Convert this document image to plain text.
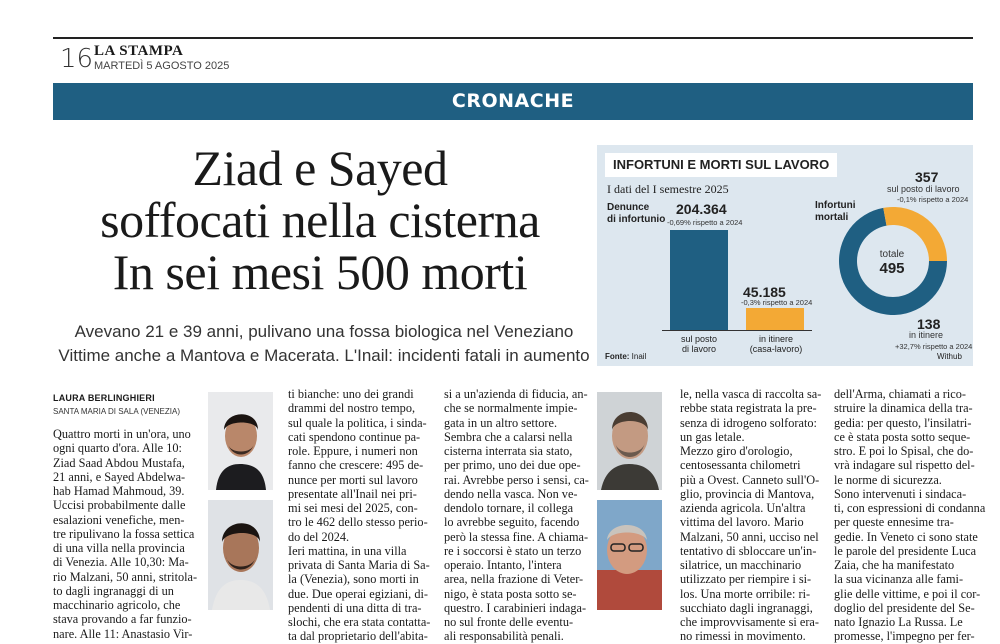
16 LA STAMPA
MARTEDÌ 5 AGOSTO 2025
CRONACHE
Ziad e Sayed
soffocati nella cisterna
In sei mesi 500 morti
Avevano 21 e 39 anni, pulivano una fossa biologica nel Veneziano
Vittime anche a Mantova e Macerata. L'Inail: incidenti fatali in aumento
INFORTUNI E MORTI SUL LAVORO
I dati del I semestre 2025
Denunce
di infortunio
204.364
-0,69% rispetto a 2024
45.185
-0,3% rispetto a 2024
sul posto
di lavoro
in itinere
(casa-lavoro)
Infortuni
mortali
357
sul posto di lavoro
-0,1% rispetto a 2024
totale
495
138
in itinere
+32,7% rispetto a 2024
Fonte: Inail	Withub
LAURA BERLINGHIERI
SANTA MARIA DI SALA (VENEZIA)
Quattro morti in un'ora, uno
ogni quarto d'ora. Alle 10:
Ziad Saad Abdou Mustafa,
21 anni, e Sayed Abdelwa-
hab Hamad Mahmoud, 39.
Uccisi probabilmente dalle
esalazioni venefiche, men-
tre ripulivano la fossa settica
di una villa nella provincia
di Venezia. Alle 10,30: Ma-
rio Malzani, 50 anni, stritola-
to dagli ingranaggi di un
macchinario agricolo, che
stava provando a far funzio-
nare. Alle 11: Anastasio Vir-
ti bianche: uno dei grandi
drammi del nostro tempo,
sul quale la politica, i sinda-
cati spendono continue pa-
role. Eppure, i numeri non
fanno che crescere: 495 de-
nunce per morti sul lavoro
presentate all'Inail nei pri-
mi sei mesi del 2025, con-
tro le 462 dello stesso perio-
do del 2024.
Ieri mattina, in una villa
privata di Santa Maria di Sa-
la (Venezia), sono morti in
due. Due operai egiziani, di-
pendenti di una ditta di tra-
slochi, che era stata contatta-
ta dal proprietario dell'abita-
si a un'azienda di fiducia, an-
che se normalmente impie-
gata in un altro settore.
Sembra che a calarsi nella
cisterna interrata sia stato,
per primo, uno dei due ope-
rai. Avrebbe perso i sensi, ca-
dendo nella vasca. Non ve-
dendolo tornare, il collega
lo avrebbe seguito, facendo
però la stessa fine. A chiama-
re i soccorsi è stato un terzo
operaio. Intanto, l'intera
area, nella frazione di Veter-
nigo, è stata posta sotto se-
questro. I carabinieri indaga-
no sul fronte delle eventu-
ali responsabilità penali.
le, nella vasca di raccolta sa-
rebbe stata registrata la pre-
senza di idrogeno solforato:
un gas letale.
Mezzo giro d'orologio,
centosessanta chilometri
più a Ovest. Canneto sull'O-
glio, provincia di Mantova,
azienda agricola. Un'altra
vittima del lavoro. Mario
Malzani, 50 anni, ucciso nel
tentativo di sbloccare un'in-
silatrice, un macchinario
utilizzato per riempire i si-
los. Una morte orribile: ri-
succhiato dagli ingranaggi,
che improvvisamente si era-
no rimessi in movimento.
dell'Arma, chiamati a rico-
struire la dinamica della tra-
gedia: per questo, l'insilatri-
ce è stata posta sotto seque-
stro. E poi lo Spisal, che do-
vrà indagare sul rispetto del-
le norme di sicurezza.
Sono intervenuti i sindaca-
ti, con espressioni di condanna
per queste ennesime tra-
gedie. In Veneto ci sono state
le parole del presidente Luca
Zaia, che ha manifestato
la sua vicinanza alle fami-
glie delle vittime, e poi il cor-
doglio del presidente del Se-
nato Ignazio La Russa. Le
promesse, l'impegno per fer-
